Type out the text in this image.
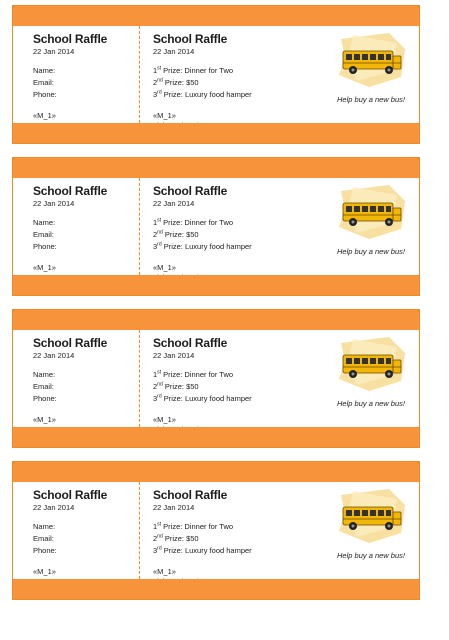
School Raffle
22 Jan 2014
Name:
Email:
Phone:
«M_1»
School Raffle
22 Jan 2014
1st Prize: Dinner for Two
2nd Prize: $50
3rd Prize: Luxury food hamper
«M_1»
Help buy a new bus!
School Raffle
22 Jan 2014
Name:
Email:
Phone:
«M_1»
School Raffle
22 Jan 2014
1st Prize: Dinner for Two
2nd Prize: $50
3rd Prize: Luxury food hamper
«M_1»
Help buy a new bus!
School Raffle
22 Jan 2014
Name:
Email:
Phone:
«M_1»
School Raffle
22 Jan 2014
1st Prize: Dinner for Two
2nd Prize: $50
3rd Prize: Luxury food hamper
«M_1»
Help buy a new bus!
School Raffle
22 Jan 2014
Name:
Email:
Phone:
«M_1»
School Raffle
22 Jan 2014
1st Prize: Dinner for Two
2nd Prize: $50
3rd Prize: Luxury food hamper
«M_1»
Help buy a new bus!
